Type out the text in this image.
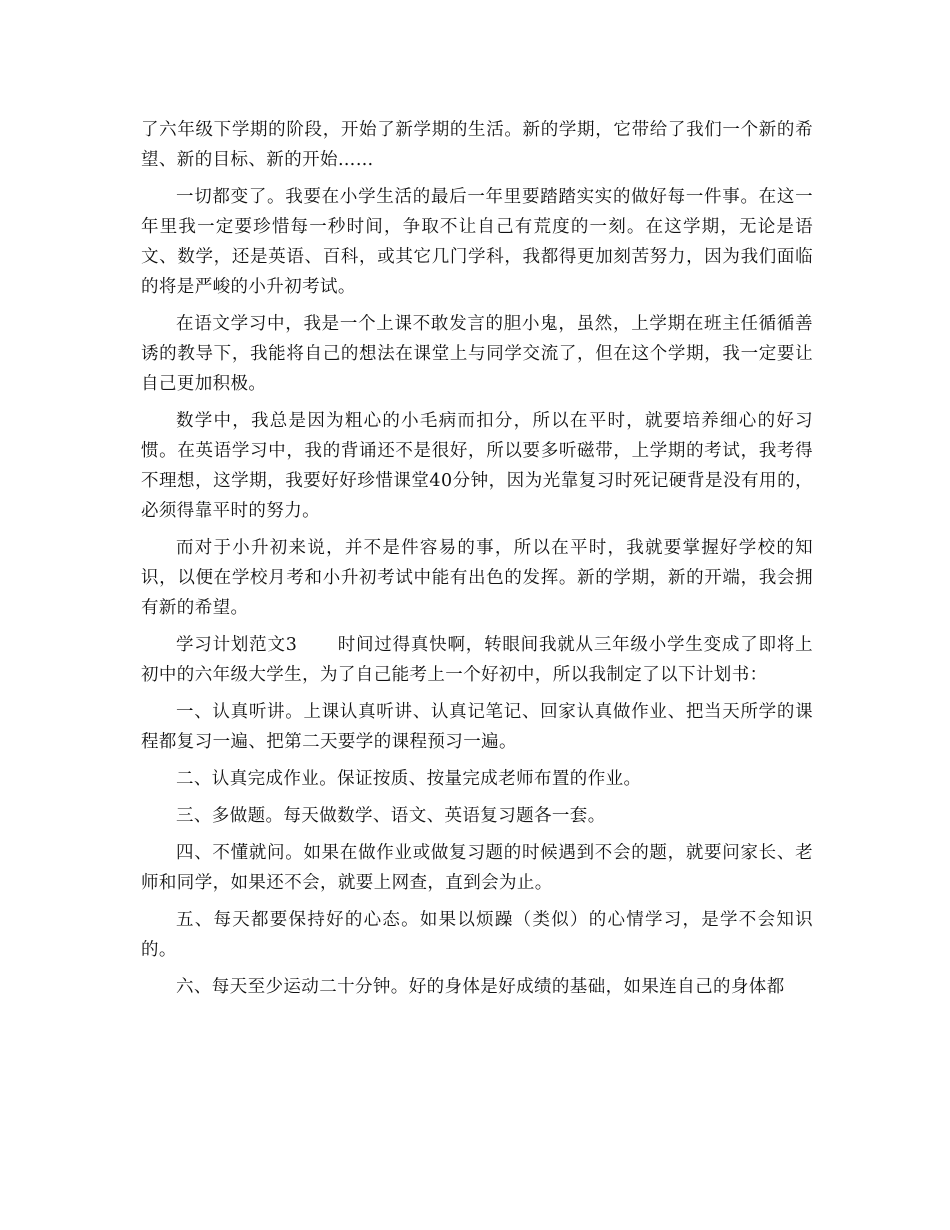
了六年级下学期的阶段，开始了新学期的生活。新的学期，它带给了我们一个新的希望、新的目标、新的开始……

一切都变了。我要在小学生活的最后一年里要踏踏实实的做好每一件事。在这一年里我一定要珍惜每一秒时间，争取不让自己有荒度的一刻。在这学期，无论是语文、数学，还是英语、百科，或其它几门学科，我都得更加刻苦努力，因为我们面临的将是严峻的小升初考试。

在语文学习中，我是一个上课不敢发言的胆小鬼，虽然，上学期在班主任循循善诱的教导下，我能将自己的想法在课堂上与同学交流了，但在这个学期，我一定要让自己更加积极。

数学中，我总是因为粗心的小毛病而扣分，所以在平时，就要培养细心的好习惯。在英语学习中，我的背诵还不是很好，所以要多听磁带，上学期的考试，我考得不理想，这学期，我要好好珍惜课堂40分钟，因为光靠复习时死记硬背是没有用的，必须得靠平时的努力。

而对于小升初来说，并不是件容易的事，所以在平时，我就要掌握好学校的知识，以便在学校月考和小升初考试中能有出色的发挥。新的学期，新的开端，我会拥有新的希望。

学习计划范文3 时间过得真快啊，转眼间我就从三年级小学生变成了即将上初中的六年级大学生，为了自己能考上一个好初中，所以我制定了以下计划书：

一、认真听讲。上课认真听讲、认真记笔记、回家认真做作业、把当天所学的课程都复习一遍、把第二天要学的课程预习一遍。

二、认真完成作业。保证按质、按量完成老师布置的作业。

三、多做题。每天做数学、语文、英语复习题各一套。

四、不懂就问。如果在做作业或做复习题的时候遇到不会的题，就要问家长、老师和同学，如果还不会，就要上网查，直到会为止。

五、每天都要保持好的心态。如果以烦躁（类似）的心情学习，是学不会知识的。

六、每天至少运动二十分钟。好的身体是好成绩的基础，如果连自己的身体都
